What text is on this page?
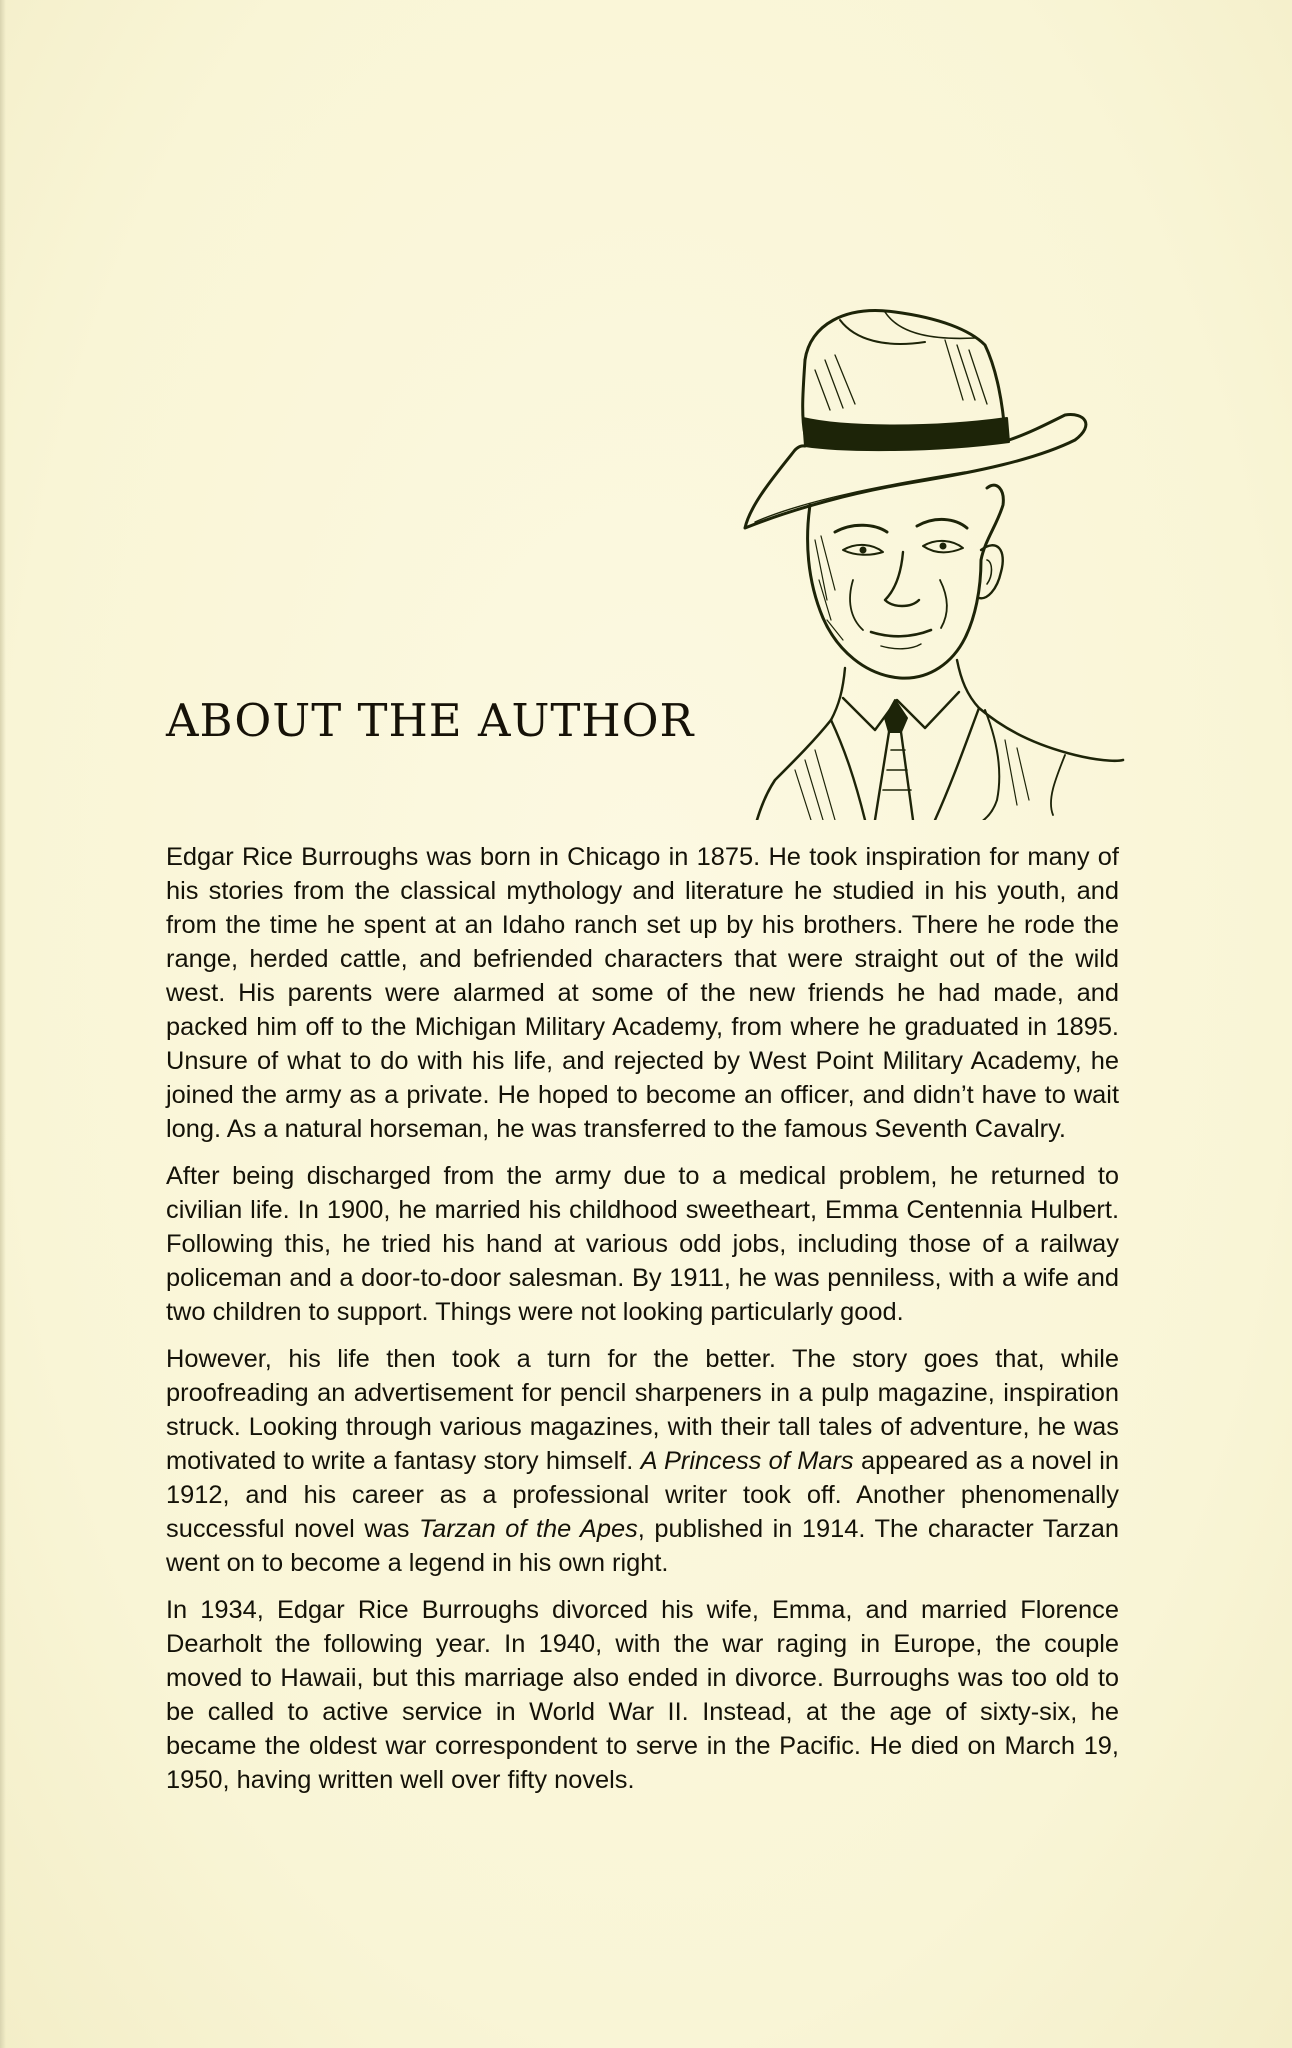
ABOUT THE AUTHOR

Edgar Rice Burroughs was born in Chicago in 1875. He took inspiration for many of his stories from the classical mythology and literature he studied in his youth, and from the time he spent at an Idaho ranch set up by his brothers. There he rode the range, herded cattle, and befriended characters that were straight out of the wild west. His parents were alarmed at some of the new friends he had made, and packed him off to the Michigan Military Academy, from where he graduated in 1895. Unsure of what to do with his life, and rejected by West Point Military Academy, he joined the army as a private. He hoped to become an officer, and didn’t have to wait long. As a natural horseman, he was transferred to the famous Seventh Cavalry.

After being discharged from the army due to a medical problem, he returned to civilian life. In 1900, he married his childhood sweetheart, Emma Centennia Hulbert. Following this, he tried his hand at various odd jobs, including those of a railway policeman and a door-to-door salesman. By 1911, he was penniless, with a wife and two children to support. Things were not looking particularly good.

However, his life then took a turn for the better. The story goes that, while proofreading an advertisement for pencil sharpeners in a pulp magazine, inspiration struck. Looking through various magazines, with their tall tales of adventure, he was motivated to write a fantasy story himself. A Princess of Mars appeared as a novel in 1912, and his career as a professional writer took off. Another phenomenally successful novel was Tarzan of the Apes, published in 1914. The character Tarzan went on to become a legend in his own right.

In 1934, Edgar Rice Burroughs divorced his wife, Emma, and married Florence Dearholt the following year. In 1940, with the war raging in Europe, the couple moved to Hawaii, but this marriage also ended in divorce. Burroughs was too old to be called to active service in World War II. Instead, at the age of sixty-six, he became the oldest war correspondent to serve in the Pacific. He died on March 19, 1950, having written well over fifty novels.
